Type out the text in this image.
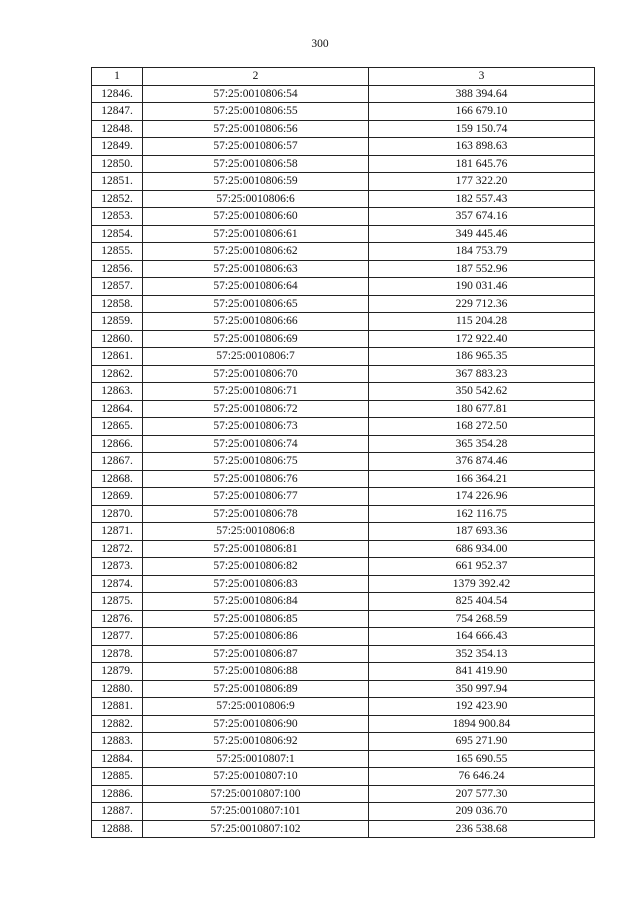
300
1	2	3
12846.	57:25:0010806:54	388 394.64
12847.	57:25:0010806:55	166 679.10
12848.	57:25:0010806:56	159 150.74
12849.	57:25:0010806:57	163 898.63
12850.	57:25:0010806:58	181 645.76
12851.	57:25:0010806:59	177 322.20
12852.	57:25:0010806:6	182 557.43
12853.	57:25:0010806:60	357 674.16
12854.	57:25:0010806:61	349 445.46
12855.	57:25:0010806:62	184 753.79
12856.	57:25:0010806:63	187 552.96
12857.	57:25:0010806:64	190 031.46
12858.	57:25:0010806:65	229 712.36
12859.	57:25:0010806:66	115 204.28
12860.	57:25:0010806:69	172 922.40
12861.	57:25:0010806:7	186 965.35
12862.	57:25:0010806:70	367 883.23
12863.	57:25:0010806:71	350 542.62
12864.	57:25:0010806:72	180 677.81
12865.	57:25:0010806:73	168 272.50
12866.	57:25:0010806:74	365 354.28
12867.	57:25:0010806:75	376 874.46
12868.	57:25:0010806:76	166 364.21
12869.	57:25:0010806:77	174 226.96
12870.	57:25:0010806:78	162 116.75
12871.	57:25:0010806:8	187 693.36
12872.	57:25:0010806:81	686 934.00
12873.	57:25:0010806:82	661 952.37
12874.	57:25:0010806:83	1379 392.42
12875.	57:25:0010806:84	825 404.54
12876.	57:25:0010806:85	754 268.59
12877.	57:25:0010806:86	164 666.43
12878.	57:25:0010806:87	352 354.13
12879.	57:25:0010806:88	841 419.90
12880.	57:25:0010806:89	350 997.94
12881.	57:25:0010806:9	192 423.90
12882.	57:25:0010806:90	1894 900.84
12883.	57:25:0010806:92	695 271.90
12884.	57:25:0010807:1	165 690.55
12885.	57:25:0010807:10	76 646.24
12886.	57:25:0010807:100	207 577.30
12887.	57:25:0010807:101	209 036.70
12888.	57:25:0010807:102	236 538.68
